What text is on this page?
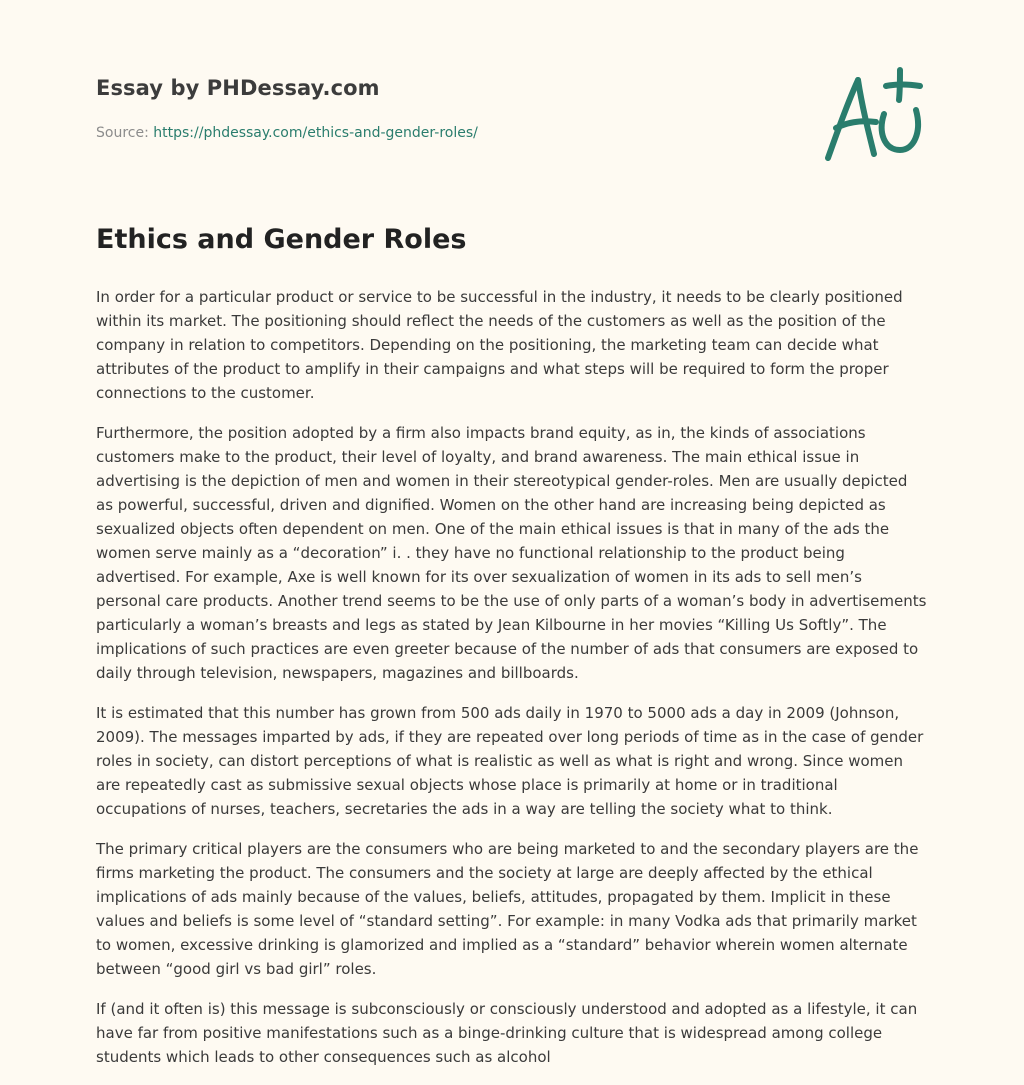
Essay by PHDessay.com

Source: https://phdessay.com/ethics-and-gender-roles/

Ethics and Gender Roles

In order for a particular product or service to be successful in the industry, it needs to be clearly positioned within its market. The positioning should reflect the needs of the customers as well as the position of the company in relation to competitors. Depending on the positioning, the marketing team can decide what attributes of the product to amplify in their campaigns and what steps will be required to form the proper connections to the customer.

Furthermore, the position adopted by a firm also impacts brand equity, as in, the kinds of associations customers make to the product, their level of loyalty, and brand awareness. The main ethical issue in advertising is the depiction of men and women in their stereotypical gender-roles. Men are usually depicted as powerful, successful, driven and dignified. Women on the other hand are increasing being depicted as sexualized objects often dependent on men. One of the main ethical issues is that in many of the ads the women serve mainly as a “decoration” i. . they have no functional relationship to the product being advertised. For example, Axe is well known for its over sexualization of women in its ads to sell men’s personal care products. Another trend seems to be the use of only parts of a woman’s body in advertisements particularly a woman’s breasts and legs as stated by Jean Kilbourne in her movies “Killing Us Softly”. The implications of such practices are even greeter because of the number of ads that consumers are exposed to daily through television, newspapers, magazines and billboards.

It is estimated that this number has grown from 500 ads daily in 1970 to 5000 ads a day in 2009 (Johnson, 2009). The messages imparted by ads, if they are repeated over long periods of time as in the case of gender roles in society, can distort perceptions of what is realistic as well as what is right and wrong. Since women are repeatedly cast as submissive sexual objects whose place is primarily at home or in traditional occupations of nurses, teachers, secretaries the ads in a way are telling the society what to think.

The primary critical players are the consumers who are being marketed to and the secondary players are the firms marketing the product. The consumers and the society at large are deeply affected by the ethical implications of ads mainly because of the values, beliefs, attitudes, propagated by them. Implicit in these values and beliefs is some level of “standard setting”. For example: in many Vodka ads that primarily market to women, excessive drinking is glamorized and implied as a “standard” behavior wherein women alternate between “good girl vs bad girl” roles.

If (and it often is) this message is subconsciously or consciously understood and adopted as a lifestyle, it can have far from positive manifestations such as a binge-drinking culture that is widespread among college students which leads to other consequences such as alcohol
